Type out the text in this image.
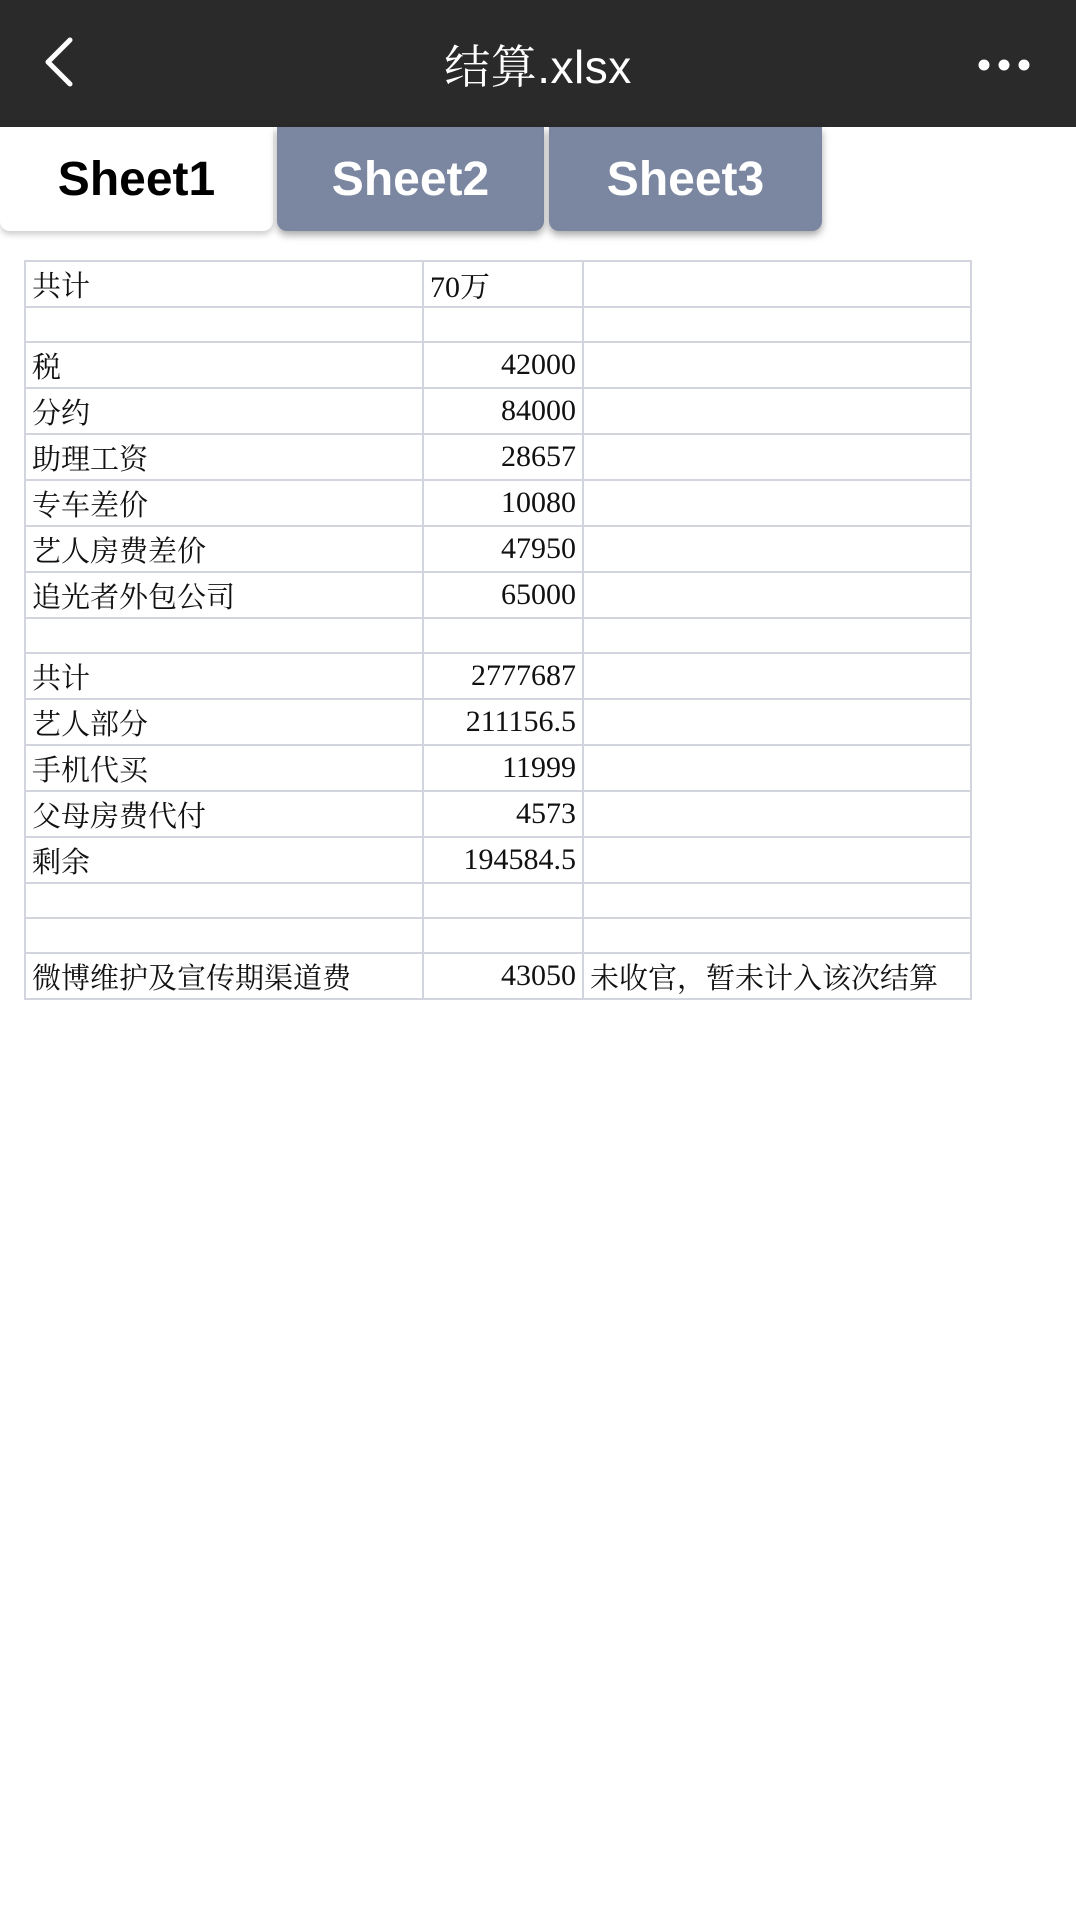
结算.xlsx
Sheet1	Sheet2	Sheet3
共计	70万	

税	42000	
分约	84000	
助理工资	28657	
专车差价	10080	
艺人房费差价	47950	
追光者外包公司	65000	

共计	2777687	
艺人部分	211156.5	
手机代买	11999	
父母房费代付	4573	
剩余	194584.5	

微博维护及宣传期渠道费	43050	未收官，暂未计入该次结算
